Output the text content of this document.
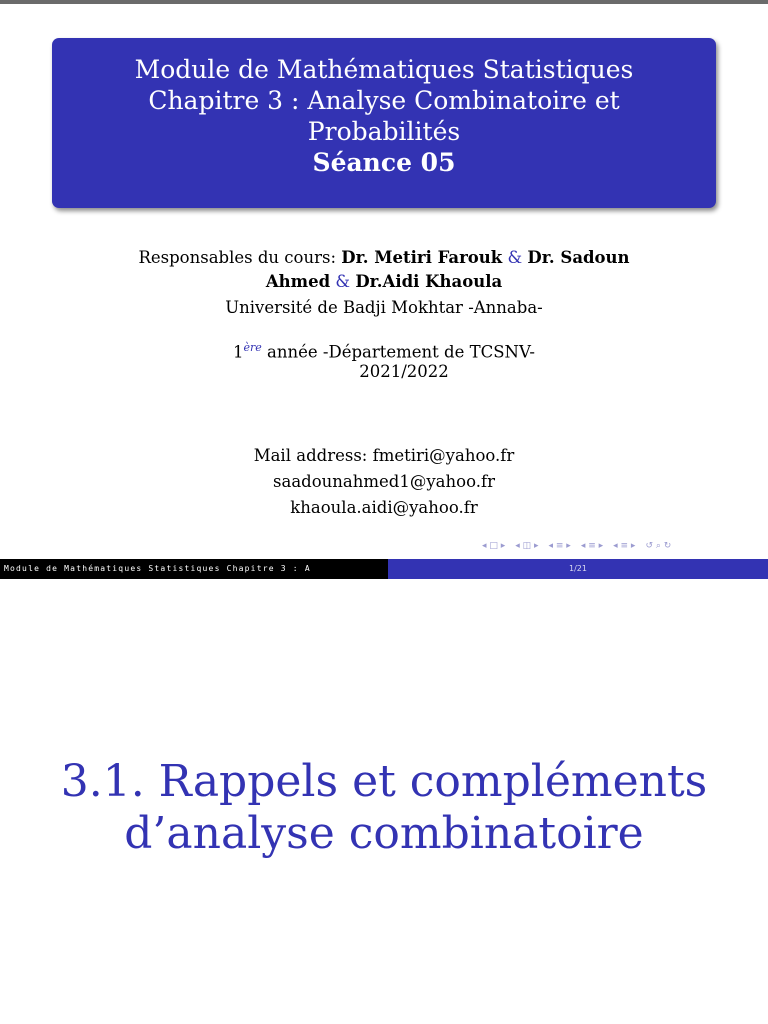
Module de Mathématiques Statistiques
Chapitre 3 : Analyse Combinatoire et
Probabilités
Séance 05
Responsables du cours: Dr. Metiri Farouk & Dr. Sadoun
Ahmed & Dr.Aidi Khaoula
Université de Badji Mokhtar -Annaba-
1ère année -Département de TCSNV-
2021/2022
Mail address: fmetiri@yahoo.fr
saadounahmed1@yahoo.fr
khaoula.aidi@yahoo.fr
◂ □ ▸ ◂ ◫ ▸ ◂ ≡ ▸ ◂ ≡ ▸ ◂ ≡ ▸ ↺ ⌕ ↻
Module de Mathématiques Statistiques Chapitre 3 : A	1/21
3.1. Rappels et compléments
d’analyse combinatoire
